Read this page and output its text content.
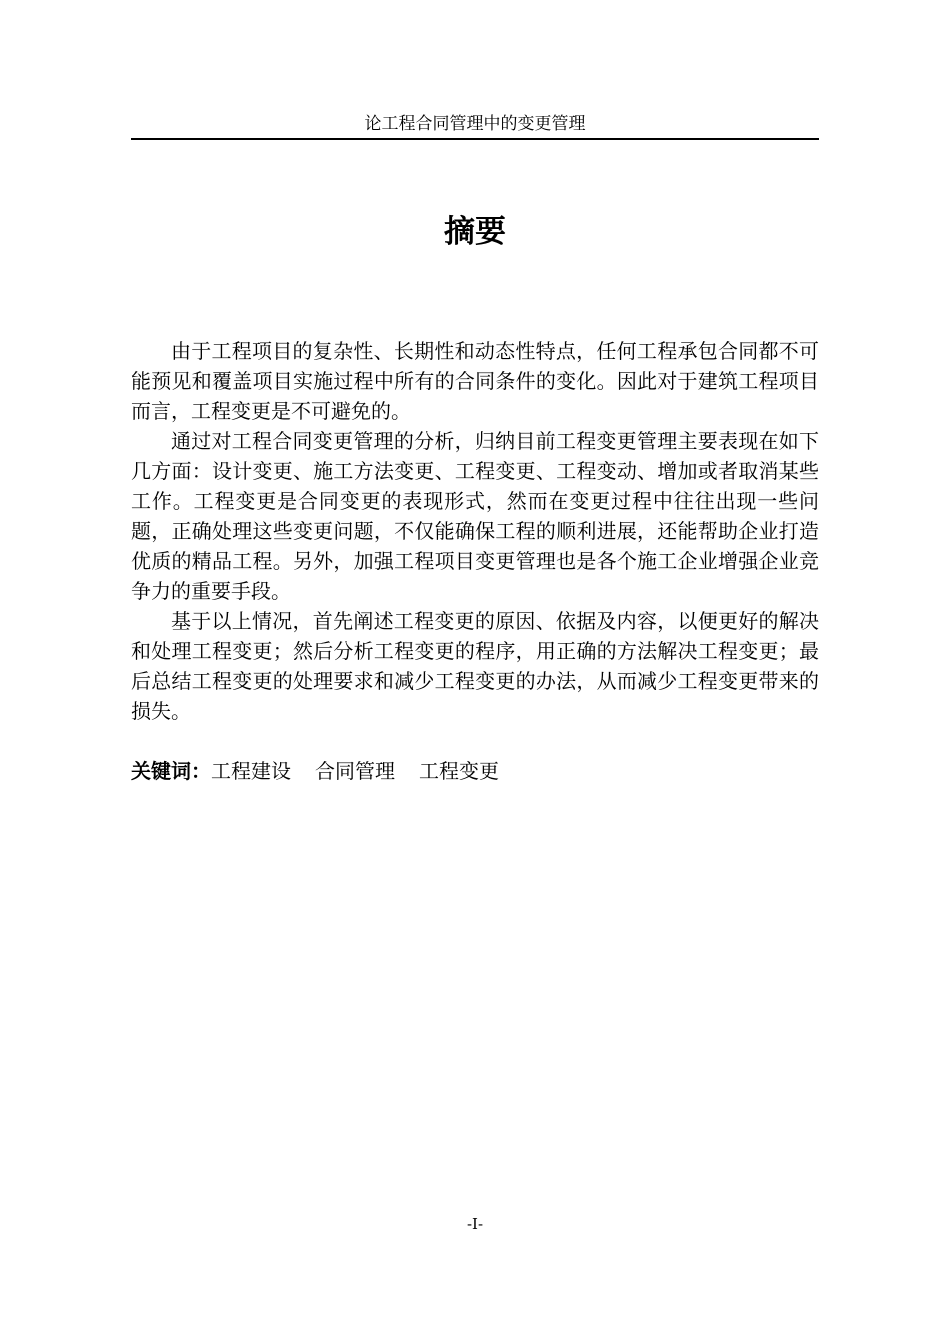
论工程合同管理中的变更管理
摘要

由于工程项目的复杂性、长期性和动态性特点，任何工程承包合同都不可能预见和覆盖项目实施过程中所有的合同条件的变化。因此对于建筑工程项目而言，工程变更是不可避免的。

通过对工程合同变更管理的分析，归纳目前工程变更管理主要表现在如下几方面：设计变更、施工方法变更、工程变更、工程变动、增加或者取消某些工作。工程变更是合同变更的表现形式，然而在变更过程中往往出现一些问题，正确处理这些变更问题，不仅能确保工程的顺利进展，还能帮助企业打造优质的精品工程。另外，加强工程项目变更管理也是各个施工企业增强企业竞争力的重要手段。

基于以上情况，首先阐述工程变更的原因、依据及内容，以便更好的解决和处理工程变更；然后分析工程变更的程序，用正确的方法解决工程变更；最后总结工程变更的处理要求和减少工程变更的办法，从而减少工程变更带来的损失。

关键词：工程建设 合同管理 工程变更
-I-
